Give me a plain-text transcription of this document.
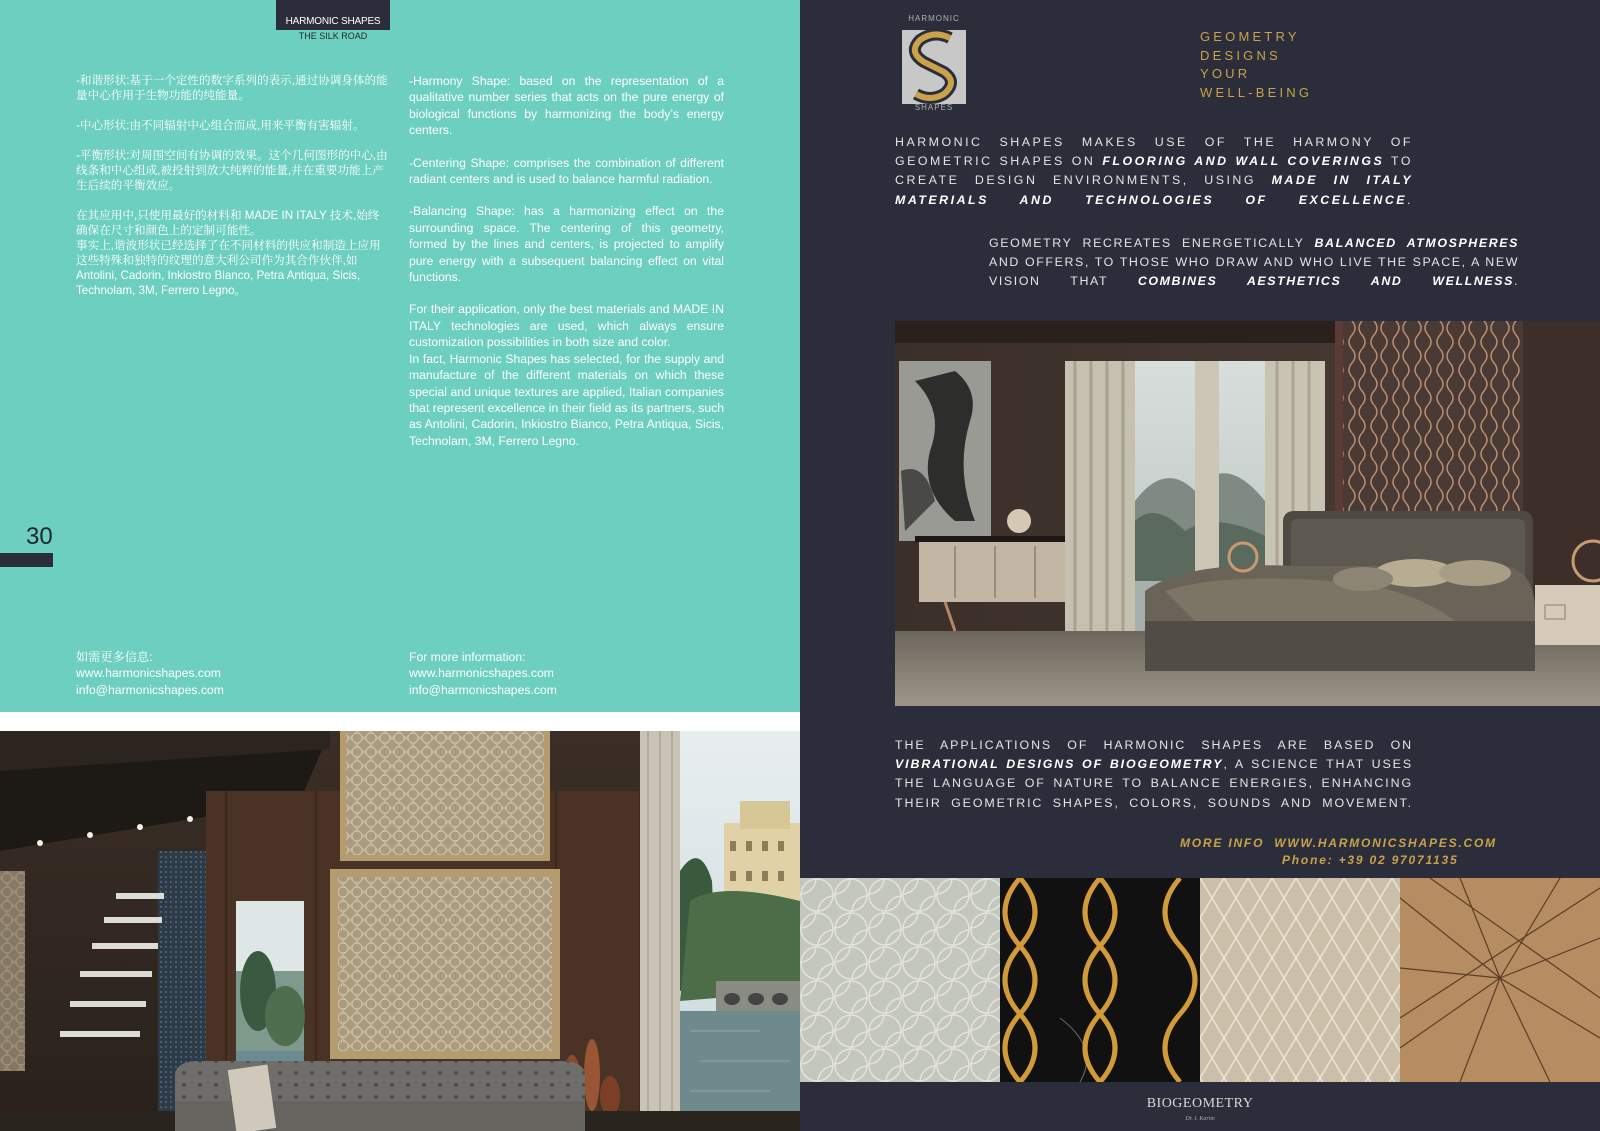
HARMONIC SHAPES
THE SILK ROAD

-和谐形状:基于一个定性的数字系列的表示,通过协调身体的能量中心作用于生物功能的纯能量。

-中心形状:由不同辐射中心组合而成,用来平衡有害辐射。

-平衡形状:对周围空间有协调的效果。这个几何图形的中心,由线条和中心组成,被投射到放大纯粹的能量,并在重要功能上产生后续的平衡效应。

在其应用中,只使用最好的材料和 MADE IN ITALY 技术,始终确保在尺寸和颜色上的定制可能性。

事实上,谐波形状已经选择了在不同材料的供应和制造上应用这些特殊和独特的纹理的意大利公司作为其合作伙伴,如Antolini, Cadorin, Inkiostro Bianco, Petra Antiqua, Sicis, Technolam, 3M, Ferrero Legno。

-Harmony Shape: based on the representation of a qualitative number series that acts on the pure energy of biological functions by harmonizing the body’s energy centers.

-Centering Shape: comprises the combination of different radiant centers and is used to balance harmful radiation.

-Balancing Shape: has a harmonizing effect on the surrounding space. The centering of this geometry, formed by the lines and centers, is projected to amplify pure energy with a subsequent balancing effect on vital functions.

For their application, only the best materials and MADE IN ITALY technologies are used, which always ensure customization possibilities in both size and color.

In fact, Harmonic Shapes has selected, for the supply and manufacture of the different materials on which these special and unique textures are applied, Italian companies that represent excellence in their field as its partners, such as Antolini, Cadorin, Inkiostro Bianco, Petra Antiqua, Sicis, Technolam, 3M, Ferrero Legno.

30
如需更多信息:
www.harmonicshapes.com
info@harmonicshapes.com
For more information:
www.harmonicshapes.com
info@harmonicshapes.com
HARMONIC
SHAPES
GEOMETRY
DESIGNS
YOUR
WELL-BEING
HARMONIC SHAPES MAKES USE OF THE HARMONY OF GEOMETRIC SHAPES ON FLOORING AND WALL COVERINGS TO CREATE DESIGN ENVIRONMENTS, USING MADE IN ITALY MATERIALS AND TECHNOLOGIES OF EXCELLENCE.
GEOMETRY RECREATES ENERGETICALLY BALANCED ATMOSPHERES AND OFFERS, TO THOSE WHO DRAW AND WHO LIVE THE SPACE, A NEW VISION THAT COMBINES AESTHETICS AND WELLNESS.
THE APPLICATIONS OF HARMONIC SHAPES ARE BASED ON VIBRATIONAL DESIGNS OF BIOGEOMETRY, A SCIENCE THAT USES THE LANGUAGE OF NATURE TO BALANCE ENERGIES, ENHANCING THEIR GEOMETRIC SHAPES, COLORS, SOUNDS AND MOVEMENT.
MORE INFO WWW.HARMONICSHAPES.COM
Phone: +39 02 97071135
BIOGEOMETRY
Dr. I. Karim
